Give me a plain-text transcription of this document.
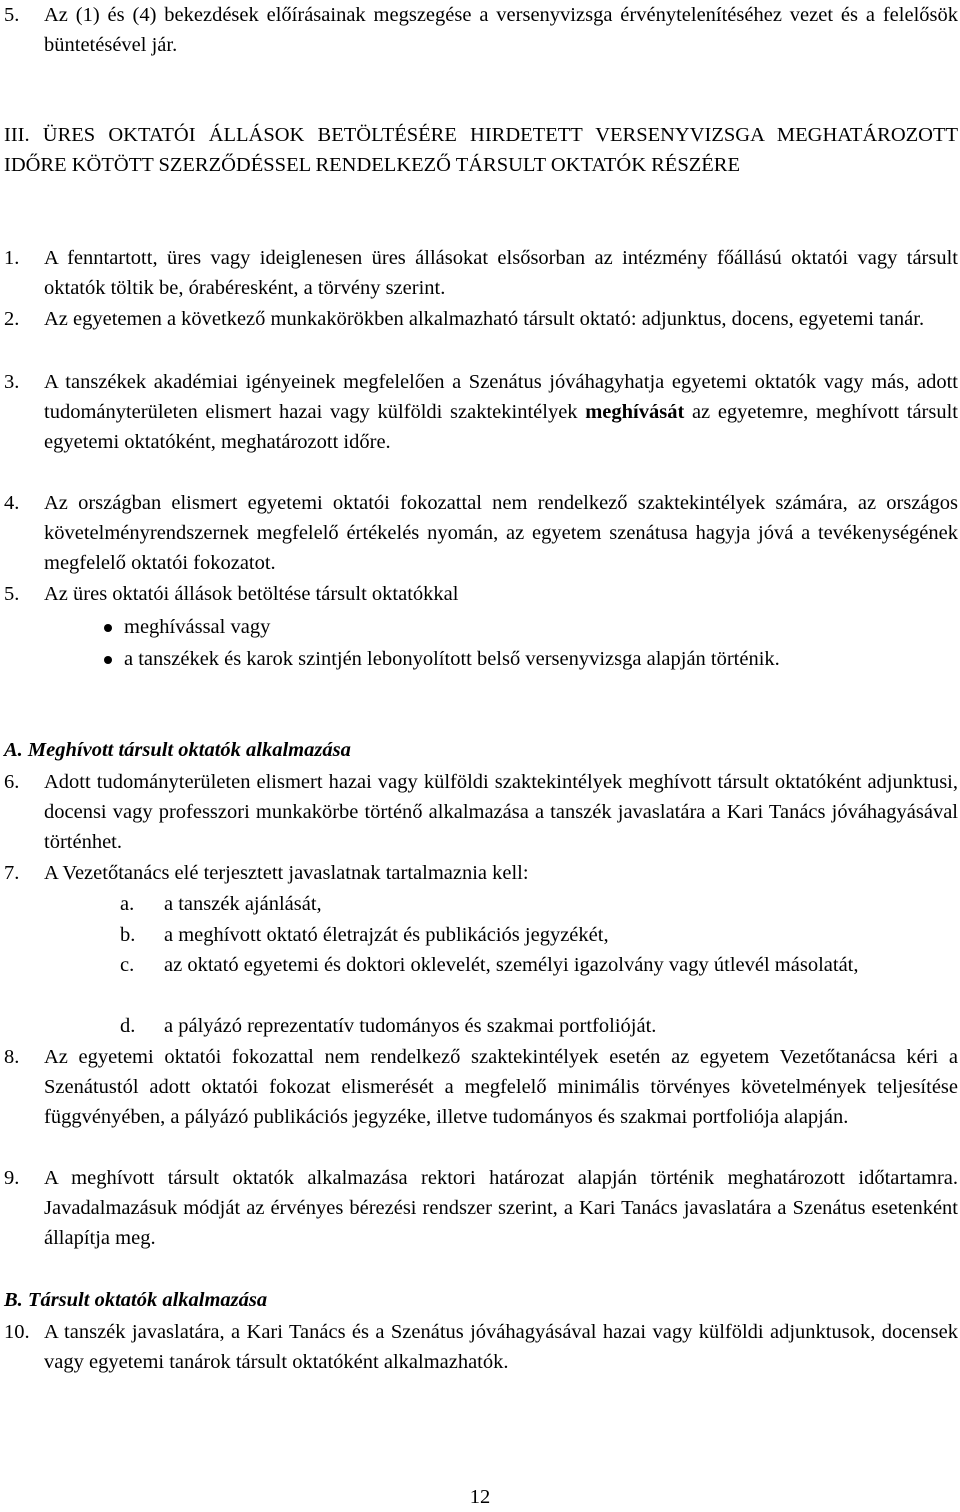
5. Az (1) és (4) bekezdések előírásainak megszegése a versenyvizsga érvénytelenítéséhez vezet és a felelősök büntetésével jár.
III. ÜRES OKTATÓI ÁLLÁSOK BETÖLTÉSÉRE HIRDETETT VERSENYVIZSGA MEGHATÁROZOTT IDŐRE KÖTÖTT SZERZŐDÉSSEL RENDELKEZŐ TÁRSULT OKTATÓK RÉSZÉRE
1. A fenntartott, üres vagy ideiglenesen üres állásokat elsősorban az intézmény főállású oktatói vagy társult oktatók töltik be, órabéresként, a törvény szerint.
2. Az egyetemen a következő munkakörökben alkalmazható társult oktató: adjunktus, docens, egyetemi tanár.
3. A tanszékek akadémiai igényeinek megfelelően a Szenátus jóváhagyhatja egyetemi oktatók vagy más, adott tudományterületen elismert hazai vagy külföldi szaktekintélyek meghívását az egyetemre, meghívott társult egyetemi oktatóként, meghatározott időre.
4. Az országban elismert egyetemi oktatói fokozattal nem rendelkező szaktekintélyek számára, az országos követelményrendszernek megfelelő értékelés nyomán, az egyetem szenátusa hagyja jóvá a tevékenységének megfelelő oktatói fokozatot.
5. Az üres oktatói állások betöltése társult oktatókkal
meghívással vagy
a tanszékek és karok szintjén lebonyolított belső versenyvizsga alapján történik.
A. Meghívott társult oktatók alkalmazása
6. Adott tudományterületen elismert hazai vagy külföldi szaktekintélyek meghívott társult oktatóként adjunktusi, docensi vagy professzori munkakörbe történő alkalmazása a tanszék javaslatára a Kari Tanács jóváhagyásával történhet.
7. A Vezetőtanács elé terjesztett javaslatnak tartalmaznia kell:
a. a tanszék ajánlását,
b. a meghívott oktató életrajzát és publikációs jegyzékét,
c. az oktató egyetemi és doktori oklevelét, személyi igazolvány vagy útlevél másolatát,
d. a pályázó reprezentatív tudományos és szakmai portfolióját.
8. Az egyetemi oktatói fokozattal nem rendelkező szaktekintélyek esetén az egyetem Vezetőtanácsa kéri a Szenátustól adott oktatói fokozat elismerését a megfelelő minimális törvényes követelmények teljesítése függvényében, a pályázó publikációs jegyzéke, illetve tudományos és szakmai portfoliója alapján.
9. A meghívott társult oktatók alkalmazása rektori határozat alapján történik meghatározott időtartamra. Javadalmazásuk módját az érvényes bérezési rendszer szerint, a Kari Tanács javaslatára a Szenátus esetenként állapítja meg.
B. Társult oktatók alkalmazása
10. A tanszék javaslatára, a Kari Tanács és a Szenátus jóváhagyásával hazai vagy külföldi adjunktusok, docensek vagy egyetemi tanárok társult oktatóként alkalmazhatók.
12
